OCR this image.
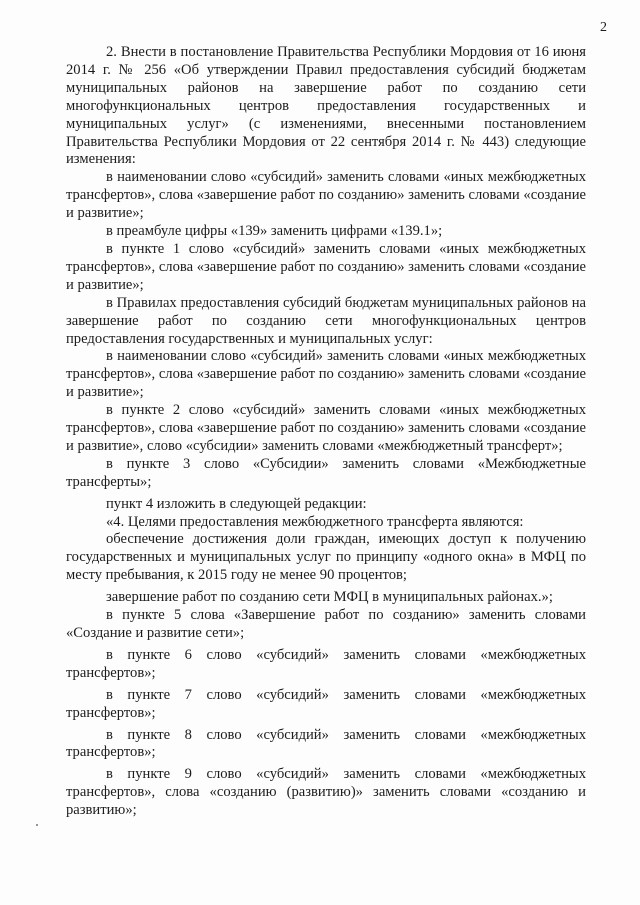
2

2. Внести в постановление Правительства Республики Мордовия от 16 июня 2014 г. № 256 «Об утверждении Правил предоставления субсидий бюджетам муниципальных районов на завершение работ по созданию сети многофункциональных центров предоставления государственных и муниципальных услуг» (с изменениями, внесенными постановлением Правительства Республики Мордовия от 22 сентября 2014 г. № 443) следующие изменения:

в наименовании слово «субсидий» заменить словами «иных межбюджетных трансфертов», слова «завершение работ по созданию» заменить словами «создание и развитие»;

в преамбуле цифры «139» заменить цифрами «139.1»;

в пункте 1 слово «субсидий» заменить словами «иных межбюджетных трансфертов», слова «завершение работ по созданию» заменить словами «создание и развитие»;

в Правилах предоставления субсидий бюджетам муниципальных районов на завершение работ по созданию сети многофункциональных центров предоставления государственных и муниципальных услуг:

в наименовании слово «субсидий» заменить словами «иных межбюджетных трансфертов», слова «завершение работ по созданию» заменить словами «создание и развитие»;

в пункте 2 слово «субсидий» заменить словами «иных межбюджетных трансфертов», слова «завершение работ по созданию» заменить словами «создание и развитие», слово «субсидии» заменить словами «межбюджетный трансферт»;

в пункте 3 слово «Субсидии» заменить словами «Межбюджетные трансферты»;

пункт 4 изложить в следующей редакции:

«4. Целями предоставления межбюджетного трансферта являются:

обеспечение достижения доли граждан, имеющих доступ к получению государственных и муниципальных услуг по принципу «одного окна» в МФЦ по месту пребывания, к 2015 году не менее 90 процентов;

завершение работ по созданию сети МФЦ в муниципальных районах.»;

в пункте 5 слова «Завершение работ по созданию» заменить словами «Создание и развитие сети»;

в пункте 6 слово «субсидий» заменить словами «межбюджетных трансфертов»;

в пункте 7 слово «субсидий» заменить словами «межбюджетных трансфертов»;

в пункте 8 слово «субсидий» заменить словами «межбюджетных трансфертов»;

в пункте 9 слово «субсидий» заменить словами «межбюджетных трансфертов», слова «созданию (развитию)» заменить словами «созданию и развитию»;
